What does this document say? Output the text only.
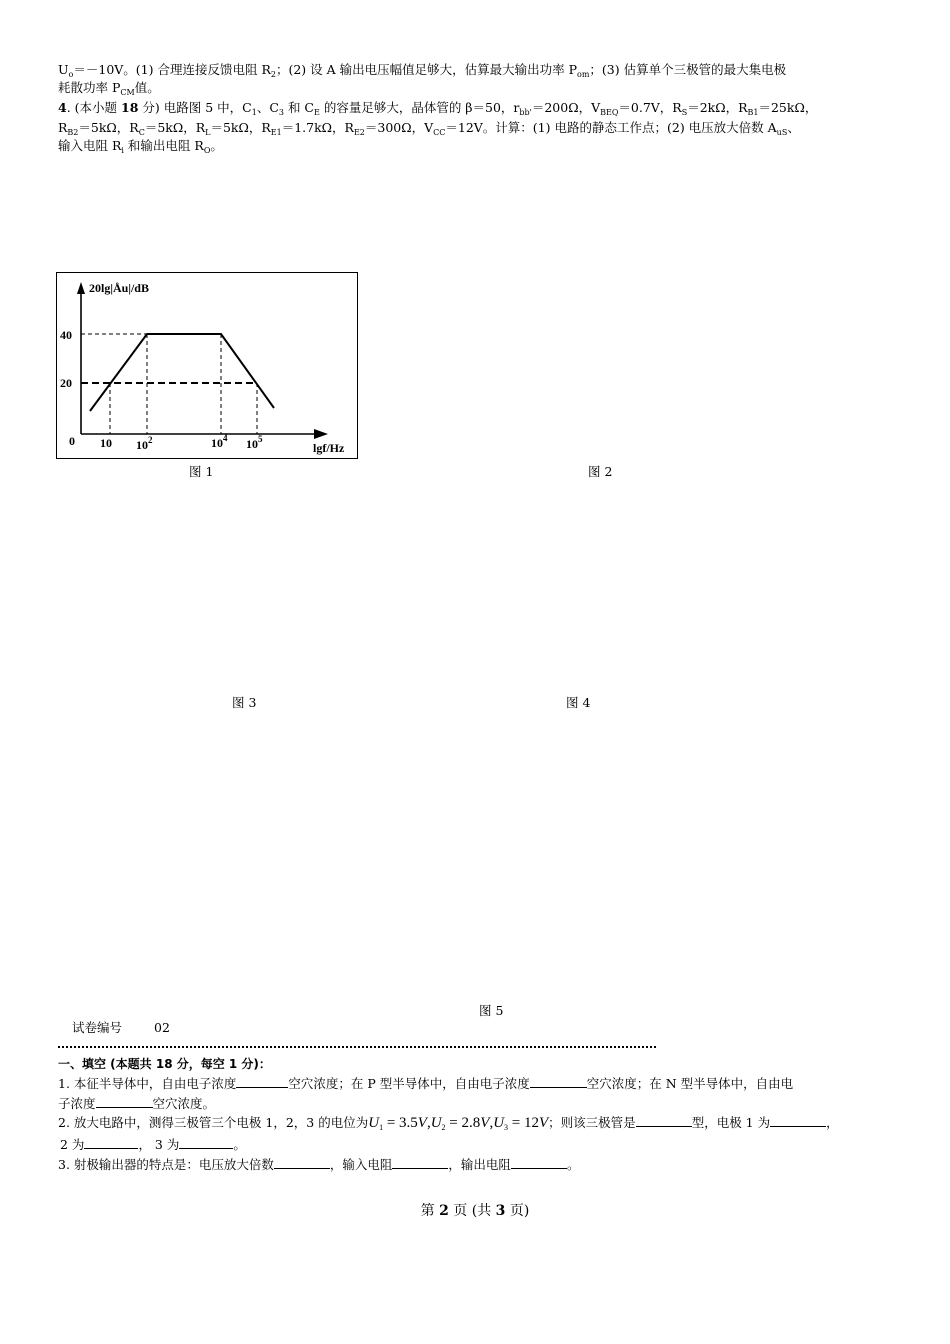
$U_o=-10V$。(1) 合理连接反馈电阻 $R_2$；(2) 设 A 输出电压幅值足够大，估算最大输出功率 $P_{om}$；(3) 估算单个三极管的最大集电极
耗散功率 $P_{CM}$值。
4. (本小题 18 分) 电路图 5 中，$C_1$、$C_3$ 和 $C_E$ 的容量足够大，晶体管的 β＝50，$r_{bb'}=200\Omega$，$V_{BEQ}=0.7V$，$R_S=2k\Omega$，$R_{B1}=25k\Omega$，
$R_{B2}=5k\Omega$，$R_C=5k\Omega$，$R_L=5k\Omega$，$R_{E1}=1.7k\Omega$，$R_{E2}=300\Omega$，$V_{CC}=12V$。计算：(1) 电路的静态工作点；(2) 电压放大倍数 $A_{uS}$、
输入电阻 $R_i$ 和输出电阻 $R_O$。
20lg|Åu|/dB
40
20
0 10 $10^2$	$10^4$ $10^5$
lgf/Hz
图 1	图 2
图 3	图 4
图 5
试卷编号	02
一、填空 (本题共 18 分，每空 1 分)：
1. 本征半导体中，自由电子浓度	空穴浓度；在 P 型半导体中，自由电子浓度	空穴浓度；在 N 型半导体中，自由电
子浓度	空穴浓度。
2. 放大电路中，测得三极管三个电极 1，2，3 的电位为$U_1 = 3.5V,U_2 = 2.8V,U_3 = 12V$；则该三极管是	型，电极 1 为	，
2 为	， 3 为	。
3. 射极输出器的特点是：电压放大倍数	，输入电阻	，输出电阻	。
第 2 页 (共 3 页)
